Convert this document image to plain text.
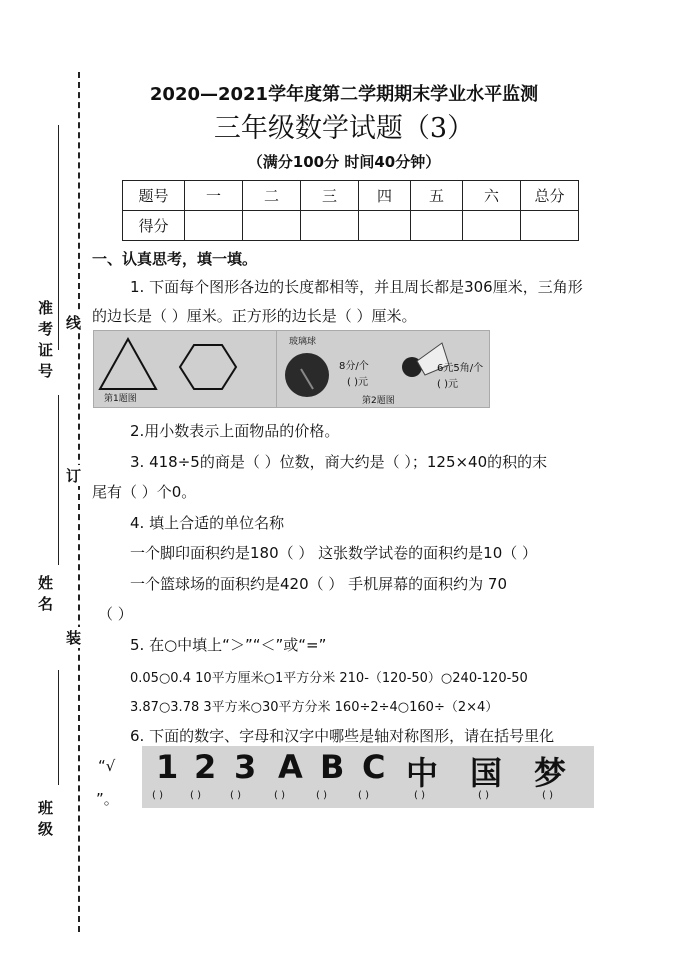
准考证号
姓名
班级
线
订
装
2020—2021学年度第二学期期末学业水平监测
三年级数学试题（3）
（满分100分 时间40分钟）
题号	一	二	三	四	五	六	总分
得分							
一、认真思考，填一填。
1. 下面每个图形各边的长度都相等，并且周长都是306厘米，三角形
的边长是（ ）厘米。正方形的边长是（ ）厘米。
第1题图
玻璃球
8分/个
( )元
6元5角/个
( )元
第2题图
2.用小数表示上面物品的价格。
3. 418÷5的商是（ ）位数，商大约是（ ）；125×40的积的末
尾有（ ）个0。
4. 填上合适的单位名称
一个脚印面积约是180（ ） 这张数学试卷的面积约是10（ ）
一个篮球场的面积约是420（ ） 手机屏幕的面积约为 70
（ ）
5. 在○中填上“＞”“＜”或“=”
0.05○0.4 10平方厘米○1平方分米 210-（120-50）○240-120-50
3.87○3.78 3平方米○30平方分米 160÷2÷4○160÷（2×4）
6. 下面的数字、字母和汉字中哪些是轴对称图形，请在括号里化
“√
”。
1 2 3 A B C 中 国 梦
( )	( )	( )	( )	( )	( )	( )	( )	( )
